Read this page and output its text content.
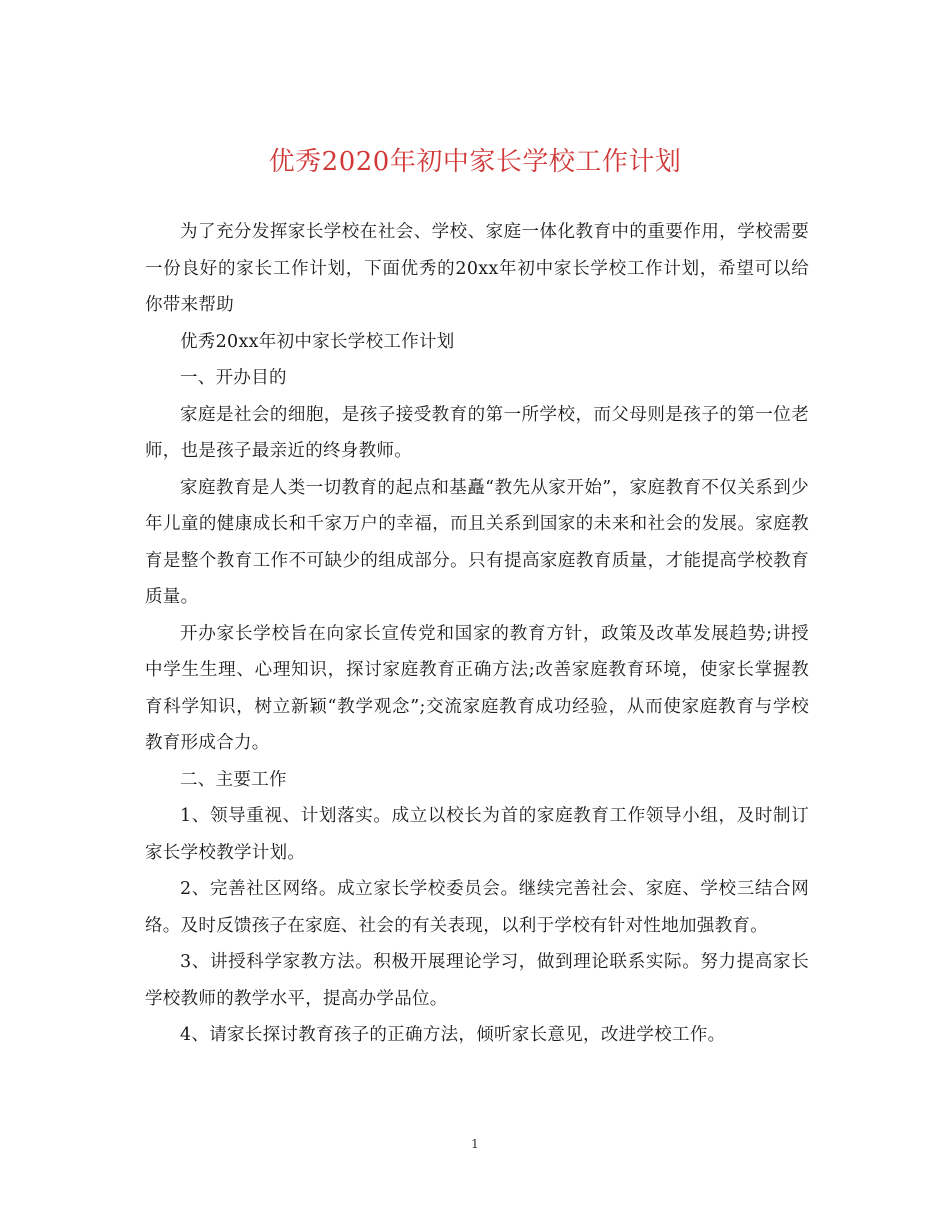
优秀2020年初中家长学校工作计划

为了充分发挥家长学校在社会、学校、家庭一体化教育中的重要作用，学校需要一份良好的家长工作计划，下面优秀的20xx年初中家长学校工作计划，希望可以给你带来帮助

优秀20xx年初中家长学校工作计划

一、开办目的

家庭是社会的细胞，是孩子接受教育的第一所学校，而父母则是孩子的第一位老师，也是孩子最亲近的终身教师。

家庭教育是人类一切教育的起点和基矗“教先从家开始”，家庭教育不仅关系到少年儿童的健康成长和千家万户的幸福，而且关系到国家的未来和社会的发展。家庭教育是整个教育工作不可缺少的组成部分。只有提高家庭教育质量，才能提高学校教育质量。

开办家长学校旨在向家长宣传党和国家的教育方针，政策及改革发展趋势;讲授中学生生理、心理知识，探讨家庭教育正确方法;改善家庭教育环境，使家长掌握教育科学知识，树立新颖“教学观念”;交流家庭教育成功经验，从而使家庭教育与学校教育形成合力。

二、主要工作

1、领导重视、计划落实。成立以校长为首的家庭教育工作领导小组，及时制订家长学校教学计划。

2、完善社区网络。成立家长学校委员会。继续完善社会、家庭、学校三结合网络。及时反馈孩子在家庭、社会的有关表现，以利于学校有针对性地加强教育。

3、讲授科学家教方法。积极开展理论学习，做到理论联系实际。努力提高家长学校教师的教学水平，提高办学品位。

4、请家长探讨教育孩子的正确方法，倾听家长意见，改进学校工作。

1
